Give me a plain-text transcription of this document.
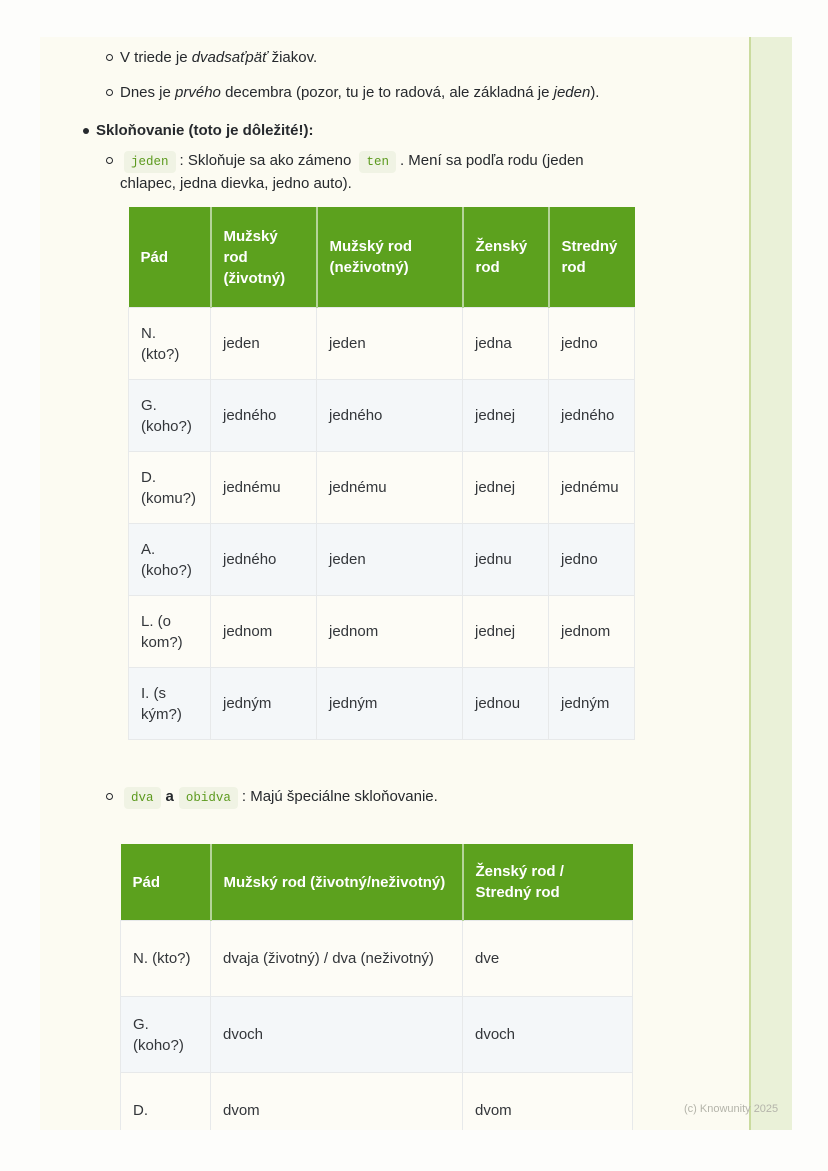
V triede je dvadsaťpäť žiakov.
Dnes je prvého decembra (pozor, tu je to radová, ale základná je jeden).
Skloňovanie (toto je dôležité!):
jeden : Skloňuje sa ako zámeno ten . Mení sa podľa rodu (jeden chlapec, jedna dievka, jedno auto).
Pád	Mužský rod (životný)	Mužský rod (neživotný)	Ženský rod	Stredný rod
N. (kto?)	jeden	jeden	jedna	jedno
G. (koho?)	jedného	jedného	jednej	jedného
D. (komu?)	jednému	jednému	jednej	jednému
A. (koho?)	jedného	jeden	jednu	jedno
L. (o kom?)	jednom	jednom	jednej	jednom
I. (s kým?)	jedným	jedným	jednou	jedným
dva a obidva : Majú špeciálne skloňovanie.
Pád	Mužský rod (životný/neživotný)	Ženský rod / Stredný rod
N. (kto?)	dvaja (životný) / dva (neživotný)	dve
G. (koho?)	dvoch	dvoch
D.	dvom	dvom	(c) Knowunity 2025
